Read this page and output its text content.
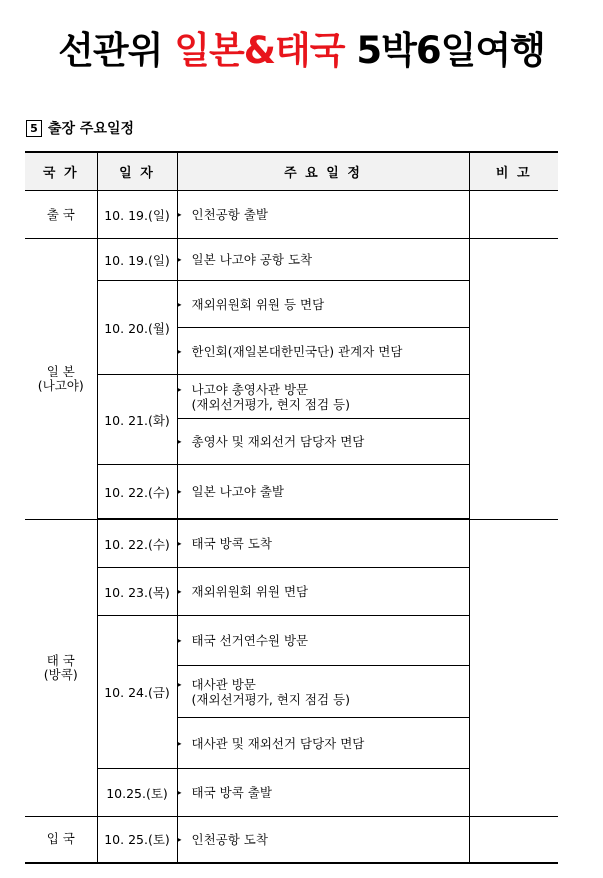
선관위 일본&태국 5박6일여행
5 출장 주요일정
국 가	일 자	주 요 일 정	비 고
출 국	10. 19.(일)	▸ 인천공항 출발	

일 본
(나고야)	10. 19.(일)	▸ 일본 나고야 공항 도착	

	10. 20.(월)	▸ 재외위원회 위원 등 면담	

		▸ 한인회(재일본대한민국단) 관계자 면담	

	10. 21.(화)	▸ 나고야 총영사관 방문
(재외선거평가, 현지 점검 등)	

		▸ 총영사 및 재외선거 담당자 면담	

	10. 22.(수)	▸ 일본 나고야 출발	

태 국
(방콕)	10. 22.(수)	▸ 태국 방콕 도착	

	10. 23.(목)	▸ 재외위원회 위원 면담	

	10. 24.(금)	▸ 태국 선거연수원 방문	

		▸ 대사관 방문
(재외선거평가, 현지 점검 등)	

		▸ 대사관 및 재외선거 담당자 면담	

	10.25.(토)	▸ 태국 방콕 출발	

입 국	10. 25.(토)	▸ 인천공항 도착	
